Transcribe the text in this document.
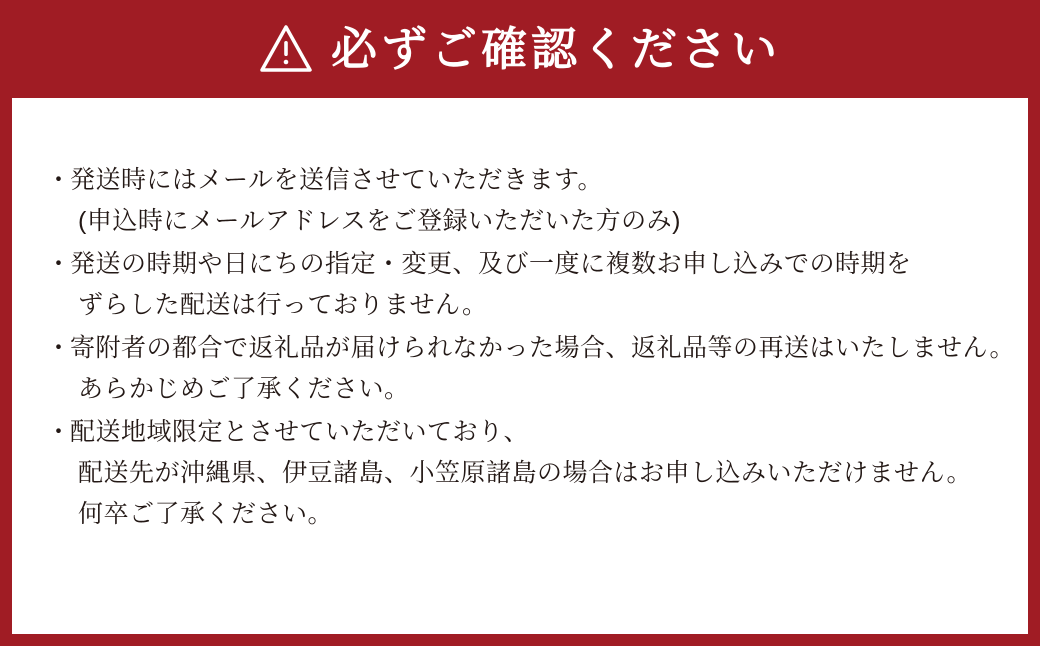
必ずご確認ください
・
発送時にはメールを送信させていただきます。
(申込時にメールアドレスをご登録いただいた方のみ)
・
発送の時期や日にちの指定・変更、及び一度に複数お申し込みでの時期を
ずらした配送は行っておりません。
・
寄附者の都合で返礼品が届けられなかった場合、返礼品等の再送はいたしません。
あらかじめご了承ください。
・
配送地域限定とさせていただいており、
配送先が沖縄県、伊豆諸島、小笠原諸島の場合はお申し込みいただけません。
何卒ご了承ください。
